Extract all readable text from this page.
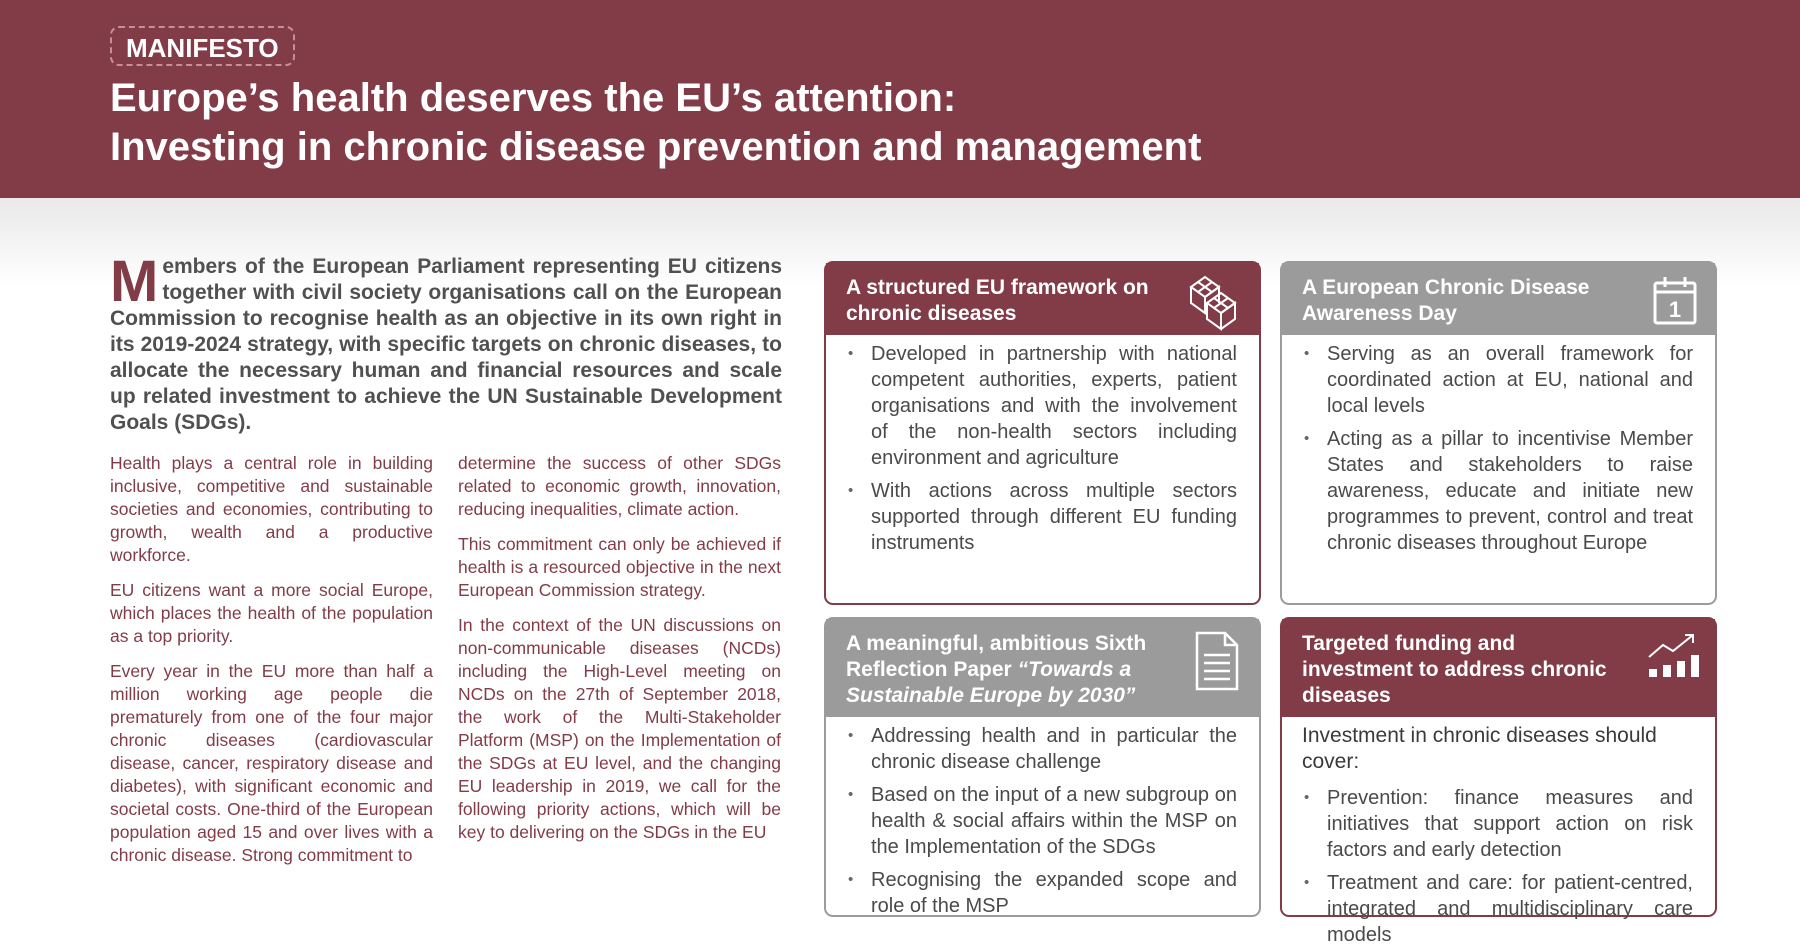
MANIFESTO
Europe’s health deserves the EU’s attention:
Investing in chronic disease prevention and management

Members of the European Parliament representing EU citizens together with civil society organisations call on the European Commission to recognise health as an objective in its own right in its 2019-2024 strategy, with specific targets on chronic diseases, to allocate the necessary human and financial resources and scale up related investment to achieve the UN Sustainable Development Goals (SDGs).

Health plays a central role in building inclusive, competitive and sustainable societies and economies, contributing to growth, wealth and a productive workforce.

EU citizens want a more social Europe, which places the health of the population as a top priority.

Every year in the EU more than half a million working age people die prematurely from one of the four major chronic diseases (cardiovascular disease, cancer, respiratory disease and diabetes), with significant economic and societal costs. One-third of the European population aged 15 and over lives with a chronic disease. Strong commitment to

determine the success of other SDGs related to economic growth, innovation, reducing inequalities, climate action.

This commitment can only be achieved if health is a resourced objective in the next European Commission strategy.

In the context of the UN discussions on non-communicable diseases (NCDs) including the High-Level meeting on NCDs on the 27th of September 2018, the work of the Multi-Stakeholder Platform (MSP) on the Implementation of the SDGs at EU level, and the changing EU leadership in 2019, we call for the following priority actions, which will be key to delivering on the SDGs in the EU

A structured EU framework on chronic diseases
• Developed in partnership with national competent authorities, experts, patient organisations and with the involvement of the non-health sectors including environment and agriculture
• With actions across multiple sectors supported through different EU funding instruments
A European Chronic Disease Awareness Day	1
• Serving as an overall framework for coordinated action at EU, national and local levels
• Acting as a pillar to incentivise Member States and stakeholders to raise awareness, educate and initiate new programmes to prevent, control and treat chronic diseases throughout Europe
A meaningful, ambitious Sixth Reflection Paper “Towards a Sustainable Europe by 2030”
• Addressing health and in particular the chronic disease challenge
• Based on the input of a new subgroup on health & social affairs within the MSP on the Implementation of the SDGs
• Recognising the expanded scope and role of the MSP
Targeted funding and investment to address chronic diseases
Investment in chronic diseases should cover:
• Prevention: finance measures and initiatives that support action on risk factors and early detection
• Treatment and care: for patient-centred, integrated and multidisciplinary care models
